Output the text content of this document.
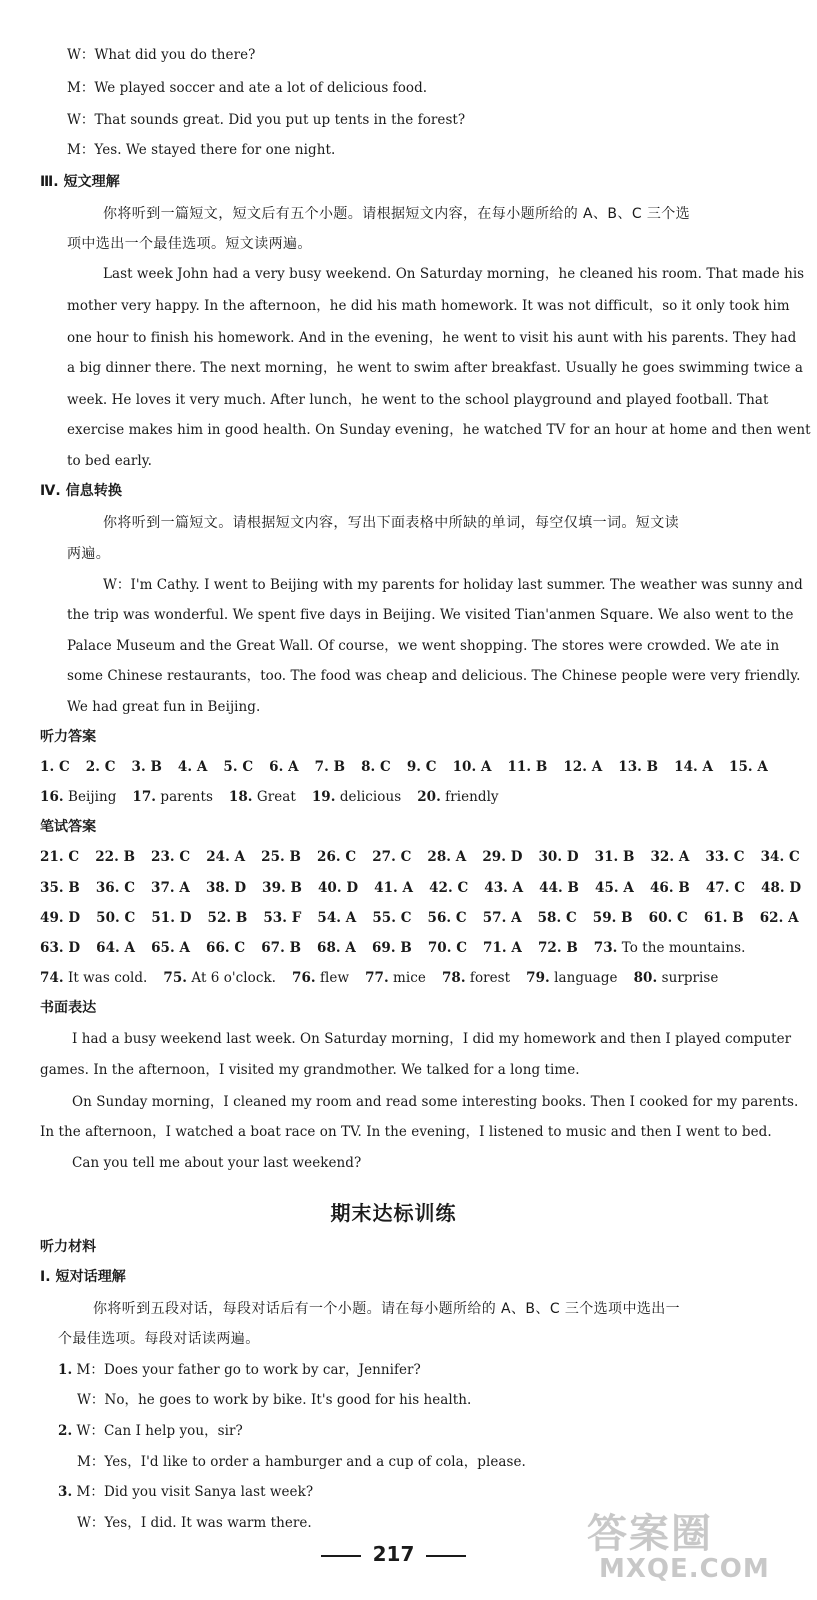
W：What did you do there?
M：We played soccer and ate a lot of delicious food.
W：That sounds great. Did you put up tents in the forest?
M：Yes. We stayed there for one night.
Ⅲ. 短文理解
你将听到一篇短文，短文后有五个小题。请根据短文内容，在每小题所给的 A、B、C 三个选
项中选出一个最佳选项。短文读两遍。
Last week John had a very busy weekend. On Saturday morning，he cleaned his room. That made his
mother very happy. In the afternoon，he did his math homework. It was not difficult，so it only took him
one hour to finish his homework. And in the evening，he went to visit his aunt with his parents. They had
a big dinner there. The next morning，he went to swim after breakfast. Usually he goes swimming twice a
week. He loves it very much. After lunch，he went to the school playground and played football. That
exercise makes him in good health. On Sunday evening，he watched TV for an hour at home and then went
to bed early.
Ⅳ. 信息转换
你将听到一篇短文。请根据短文内容，写出下面表格中所缺的单词，每空仅填一词。短文读
两遍。
W：I'm Cathy. I went to Beijing with my parents for holiday last summer. The weather was sunny and
the trip was wonderful. We spent five days in Beijing. We visited Tian'anmen Square. We also went to the
Palace Museum and the Great Wall. Of course，we went shopping. The stores were crowded. We ate in
some Chinese restaurants，too. The food was cheap and delicious. The Chinese people were very friendly.
We had great fun in Beijing.
听力答案
1. C 2. C 3. B 4. A 5. C 6. A 7. B 8. C 9. C 10. A 11. B 12. A 13. B 14. A 15. A
16. Beijing 17. parents 18. Great 19. delicious 20. friendly
笔试答案
21. C 22. B 23. C 24. A 25. B 26. C 27. C 28. A 29. D 30. D 31. B 32. A 33. C 34. C
35. B 36. C 37. A 38. D 39. B 40. D 41. A 42. C 43. A 44. B 45. A 46. B 47. C 48. D
49. D 50. C 51. D 52. B 53. F 54. A 55. C 56. C 57. A 58. C 59. B 60. C 61. B 62. A
63. D 64. A 65. A 66. C 67. B 68. A 69. B 70. C 71. A 72. B 73. To the mountains.
74. It was cold. 75. At 6 o'clock. 76. flew 77. mice 78. forest 79. language 80. surprise
书面表达
I had a busy weekend last week. On Saturday morning，I did my homework and then I played computer
games. In the afternoon，I visited my grandmother. We talked for a long time.
On Sunday morning，I cleaned my room and read some interesting books. Then I cooked for my parents.
In the afternoon，I watched a boat race on TV. In the evening，I listened to music and then I went to bed.
Can you tell me about your last weekend?
期末达标训练
听力材料
Ⅰ. 短对话理解
你将听到五段对话，每段对话后有一个小题。请在每小题所给的 A、B、C 三个选项中选出一
个最佳选项。每段对话读两遍。
1. M：Does your father go to work by car，Jennifer?
W：No，he goes to work by bike. It's good for his health.
2. W：Can I help you，sir?
M：Yes，I'd like to order a hamburger and a cup of cola，please.
3. M：Did you visit Sanya last week?
W：Yes，I did. It was warm there.
217	答案圈
MXQE.COM
